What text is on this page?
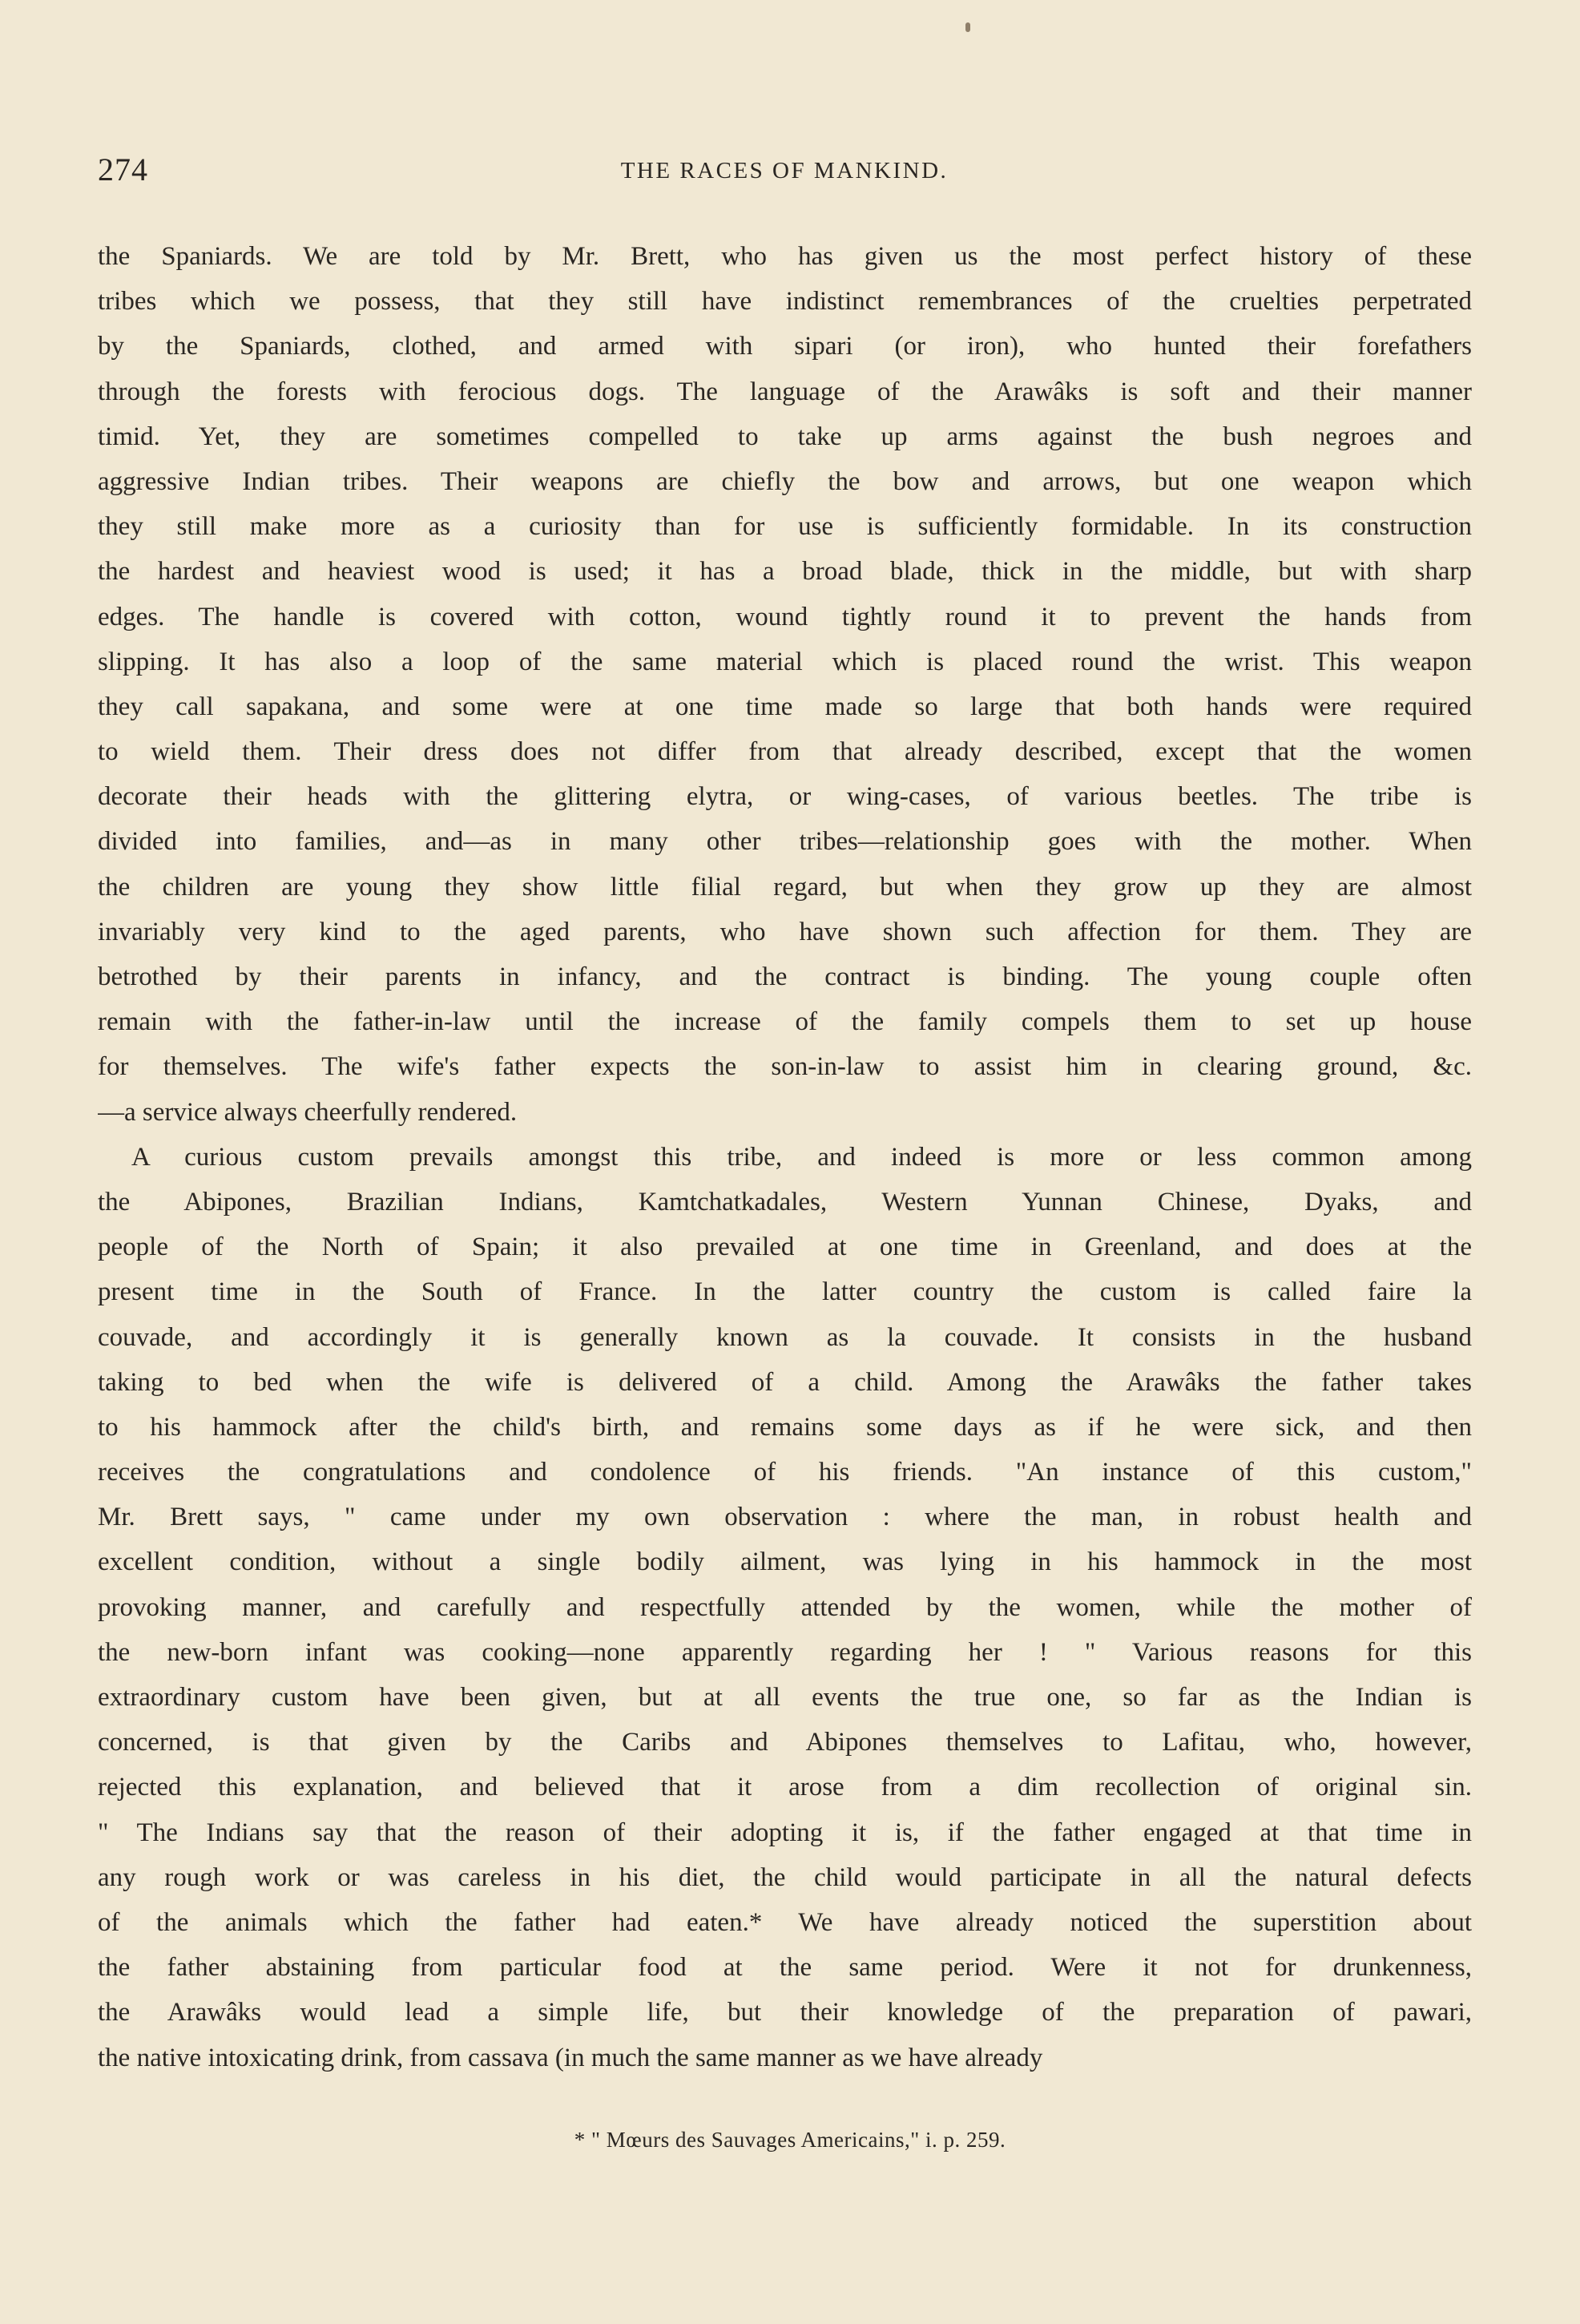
274	THE RACES OF MANKIND.
the Spaniards. We are told by Mr. Brett, who has given us the most perfect history of these
tribes which we possess, that they still have indistinct remembrances of the cruelties perpetrated
by the Spaniards, clothed, and armed with sipari (or iron), who hunted their forefathers
through the forests with ferocious dogs. The language of the Arawâks is soft and their manner
timid. Yet, they are sometimes compelled to take up arms against the bush negroes and
aggressive Indian tribes. Their weapons are chiefly the bow and arrows, but one weapon which
they still make more as a curiosity than for use is sufficiently formidable. In its construction
the hardest and heaviest wood is used; it has a broad blade, thick in the middle, but with sharp
edges. The handle is covered with cotton, wound tightly round it to prevent the hands from
slipping. It has also a loop of the same material which is placed round the wrist. This weapon
they call sapakana, and some were at one time made so large that both hands were required
to wield them. Their dress does not differ from that already described, except that the women
decorate their heads with the glittering elytra, or wing-cases, of various beetles. The tribe is
divided into families, and—as in many other tribes—relationship goes with the mother. When
the children are young they show little filial regard, but when they grow up they are almost
invariably very kind to the aged parents, who have shown such affection for them. They are
betrothed by their parents in infancy, and the contract is binding. The young couple often
remain with the father-in-law until the increase of the family compels them to set up house
for themselves. The wife's father expects the son-in-law to assist him in clearing ground, &c.
—a service always cheerfully rendered.
A curious custom prevails amongst this tribe, and indeed is more or less common among
the Abipones, Brazilian Indians, Kamtchatkadales, Western Yunnan Chinese, Dyaks, and
people of the North of Spain; it also prevailed at one time in Greenland, and does at the
present time in the South of France. In the latter country the custom is called faire la
couvade, and accordingly it is generally known as la couvade. It consists in the husband
taking to bed when the wife is delivered of a child. Among the Arawâks the father takes
to his hammock after the child's birth, and remains some days as if he were sick, and then
receives the congratulations and condolence of his friends. "An instance of this custom,"
Mr. Brett says, " came under my own observation : where the man, in robust health and
excellent condition, without a single bodily ailment, was lying in his hammock in the most
provoking manner, and carefully and respectfully attended by the women, while the mother of
the new-born infant was cooking—none apparently regarding her ! " Various reasons for this
extraordinary custom have been given, but at all events the true one, so far as the Indian is
concerned, is that given by the Caribs and Abipones themselves to Lafitau, who, however,
rejected this explanation, and believed that it arose from a dim recollection of original sin.
" The Indians say that the reason of their adopting it is, if the father engaged at that time in
any rough work or was careless in his diet, the child would participate in all the natural defects
of the animals which the father had eaten.* We have already noticed the superstition about
the father abstaining from particular food at the same period. Were it not for drunkenness,
the Arawâks would lead a simple life, but their knowledge of the preparation of pawari,
the native intoxicating drink, from cassava (in much the same manner as we have already
* " Mœurs des Sauvages Americains," i. p. 259.
